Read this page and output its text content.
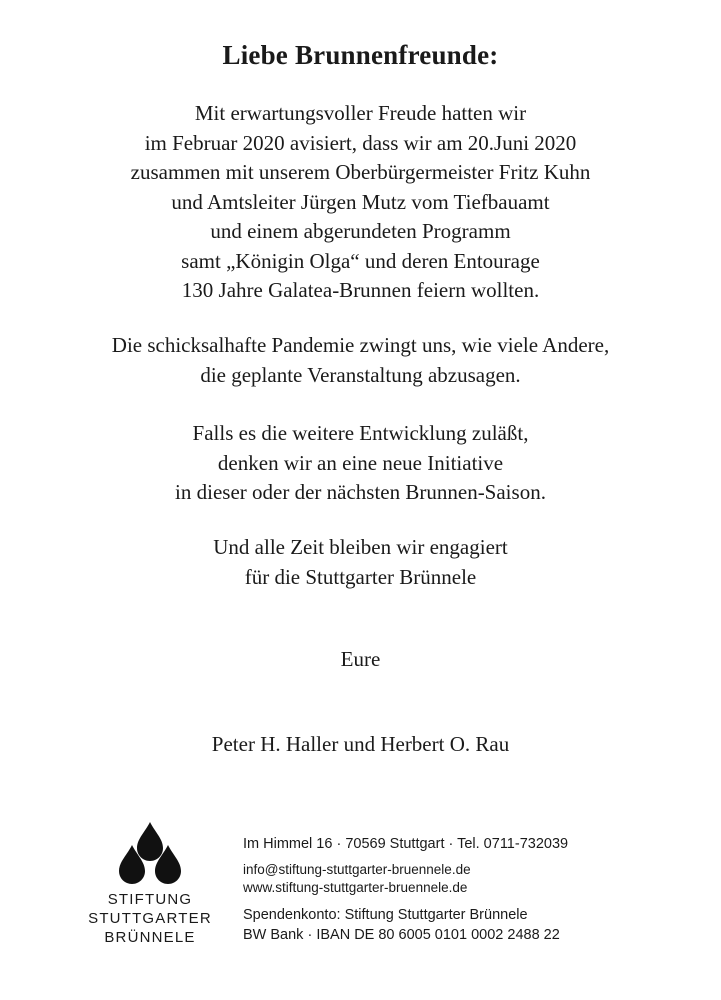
Liebe Brunnenfreunde:
Mit erwartungsvoller Freude hatten wir
im Februar 2020 avisiert, dass wir am 20.Juni 2020
zusammen mit unserem Oberbürgermeister Fritz Kuhn
und Amtsleiter Jürgen Mutz vom Tiefbauamt
und einem abgerundeten Programm
samt „Königin Olga“ und deren Entourage
130 Jahre Galatea-Brunnen feiern wollten.
Die schicksalhafte Pandemie zwingt uns, wie viele Andere,
die geplante Veranstaltung abzusagen.
Falls es die weitere Entwicklung zuläßt,
denken wir an eine neue Initiative
in dieser oder der nächsten Brunnen-Saison.
Und alle Zeit bleiben wir engagiert
für die Stuttgarter Brünnele
Eure
Peter H. Haller und Herbert O. Rau
STIFTUNG
STUTTGARTER
BRÜNNELE
Im Himmel 16 · 70569 Stuttgart · Tel. 0711-732039
info@stiftung-stuttgarter-bruennele.de
www.stiftung-stuttgarter-bruennele.de
Spendenkonto: Stiftung Stuttgarter Brünnele
BW Bank · IBAN DE 80 6005 0101 0002 2488 22
